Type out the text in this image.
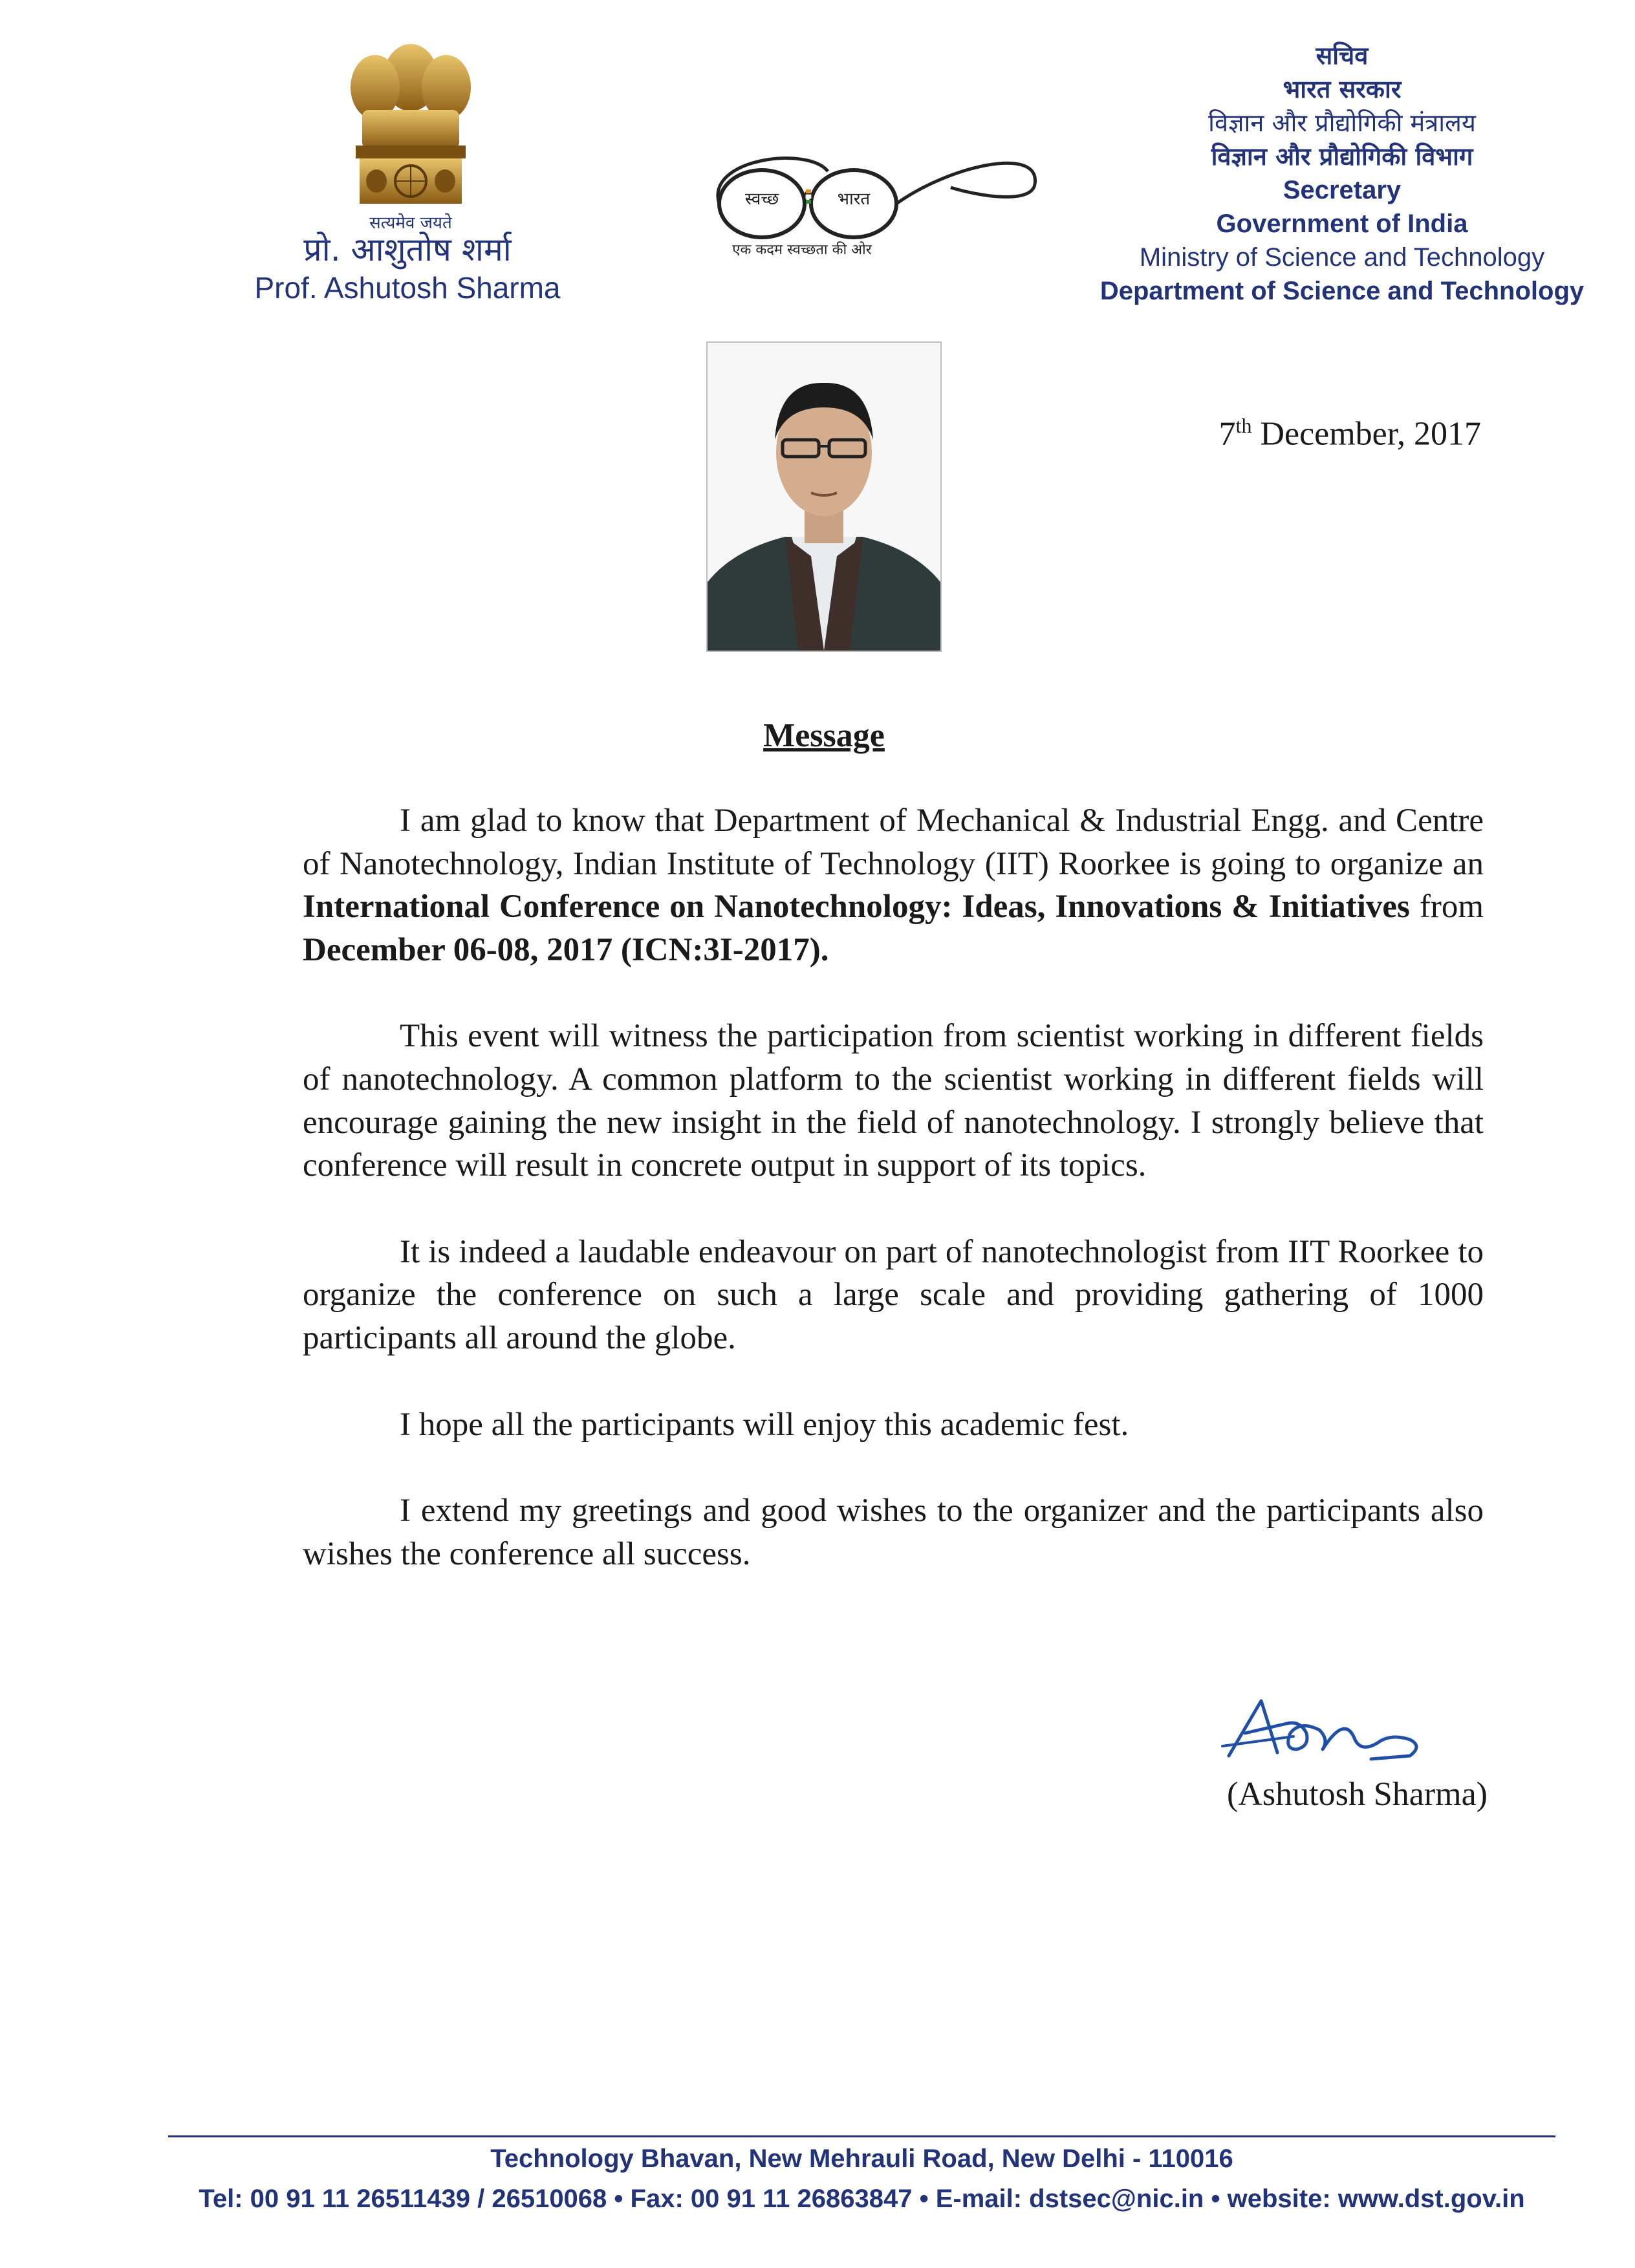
सत्यमेव जयते
प्रो. आशुतोष शर्मा
Prof. Ashutosh Sharma
स्वच्छ	भारत
एक कदम स्वच्छता की ओर
सचिव
भारत सरकार
विज्ञान और प्रौद्योगिकी मंत्रालय
विज्ञान और प्रौद्योगिकी विभाग
Secretary
Government of India
Ministry of Science and Technology
Department of Science and Technology
7th December, 2017
Message

I am glad to know that Department of Mechanical & Industrial Engg. and Centre of Nanotechnology, Indian Institute of Technology (IIT) Roorkee is going to organize an International Conference on Nanotechnology: Ideas, Innovations & Initiatives from December 06-08, 2017 (ICN:3I-2017).

This event will witness the participation from scientist working in different fields of nanotechnology. A common platform to the scientist working in different fields will encourage gaining the new insight in the field of nanotechnology. I strongly believe that conference will result in concrete output in support of its topics.

It is indeed a laudable endeavour on part of nanotechnologist from IIT Roorkee to organize the conference on such a large scale and providing gathering of 1000 participants all around the globe.

I hope all the participants will enjoy this academic fest.

I extend my greetings and good wishes to the organizer and the participants also wishes the conference all success.

(Ashutosh Sharma)
Technology Bhavan, New Mehrauli Road, New Delhi - 110016
Tel: 00 91 11 26511439 / 26510068 • Fax: 00 91 11 26863847 • E-mail: dstsec@nic.in • website: www.dst.gov.in
